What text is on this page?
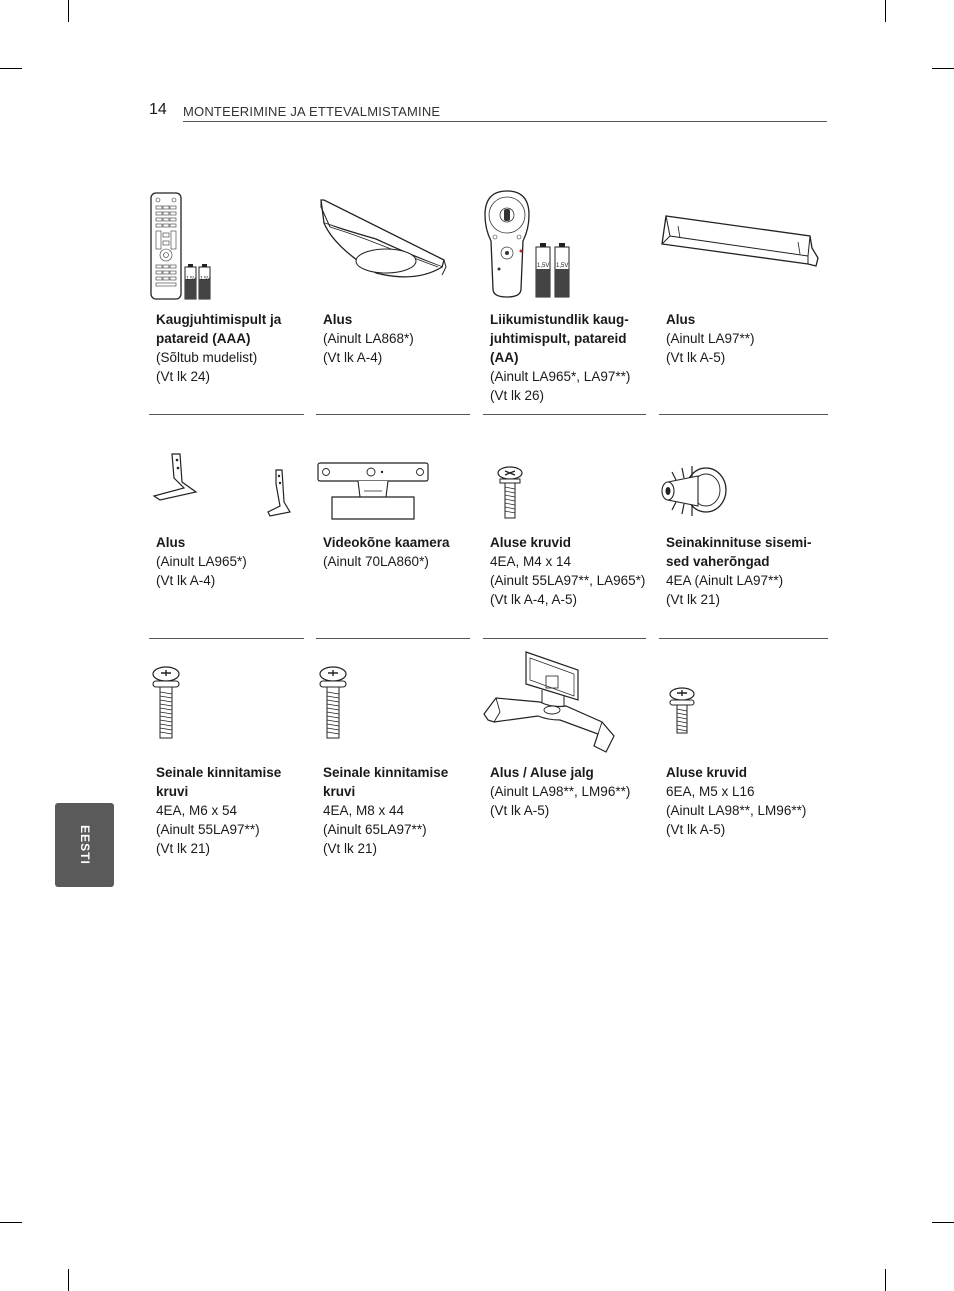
14 MONTEERIMINE JA ETTEVALMISTAMINE
EESTI
1,5V 1,5V
Kaugjuhtimispult ja patareid (AAA)
(Sõltub mudelist)
(Vt lk 24)
Alus
(Ainult LA868*)
(Vt lk A-4)
1,5V 1,5V
Liikumistundlik kaug-juhtimispult, patareid (AA)
(Ainult LA965*, LA97**)
(Vt lk 26)
Alus
(Ainult LA97**)
(Vt lk A-5)
Alus
(Ainult LA965*)
(Vt lk A-4)
Videokõne kaamera
(Ainult 70LA860*)
Aluse kruvid
4EA, M4 x 14
(Ainult 55LA97**, LA965*)
(Vt lk A-4, A-5)
Seinakinnituse sisemi-sed vaherõngad
4EA (Ainult LA97**)
(Vt lk 21)
Seinale kinnitamise kruvi
4EA, M6 x 54
(Ainult 55LA97**)
(Vt lk 21)
Seinale kinnitamise kruvi
4EA, M8 x 44
(Ainult 65LA97**)
(Vt lk 21)
Alus / Aluse jalg
(Ainult LA98**, LM96**)
(Vt lk A-5)
Aluse kruvid
6EA, M5 x L16
(Ainult LA98**, LM96**)
(Vt lk A-5)
